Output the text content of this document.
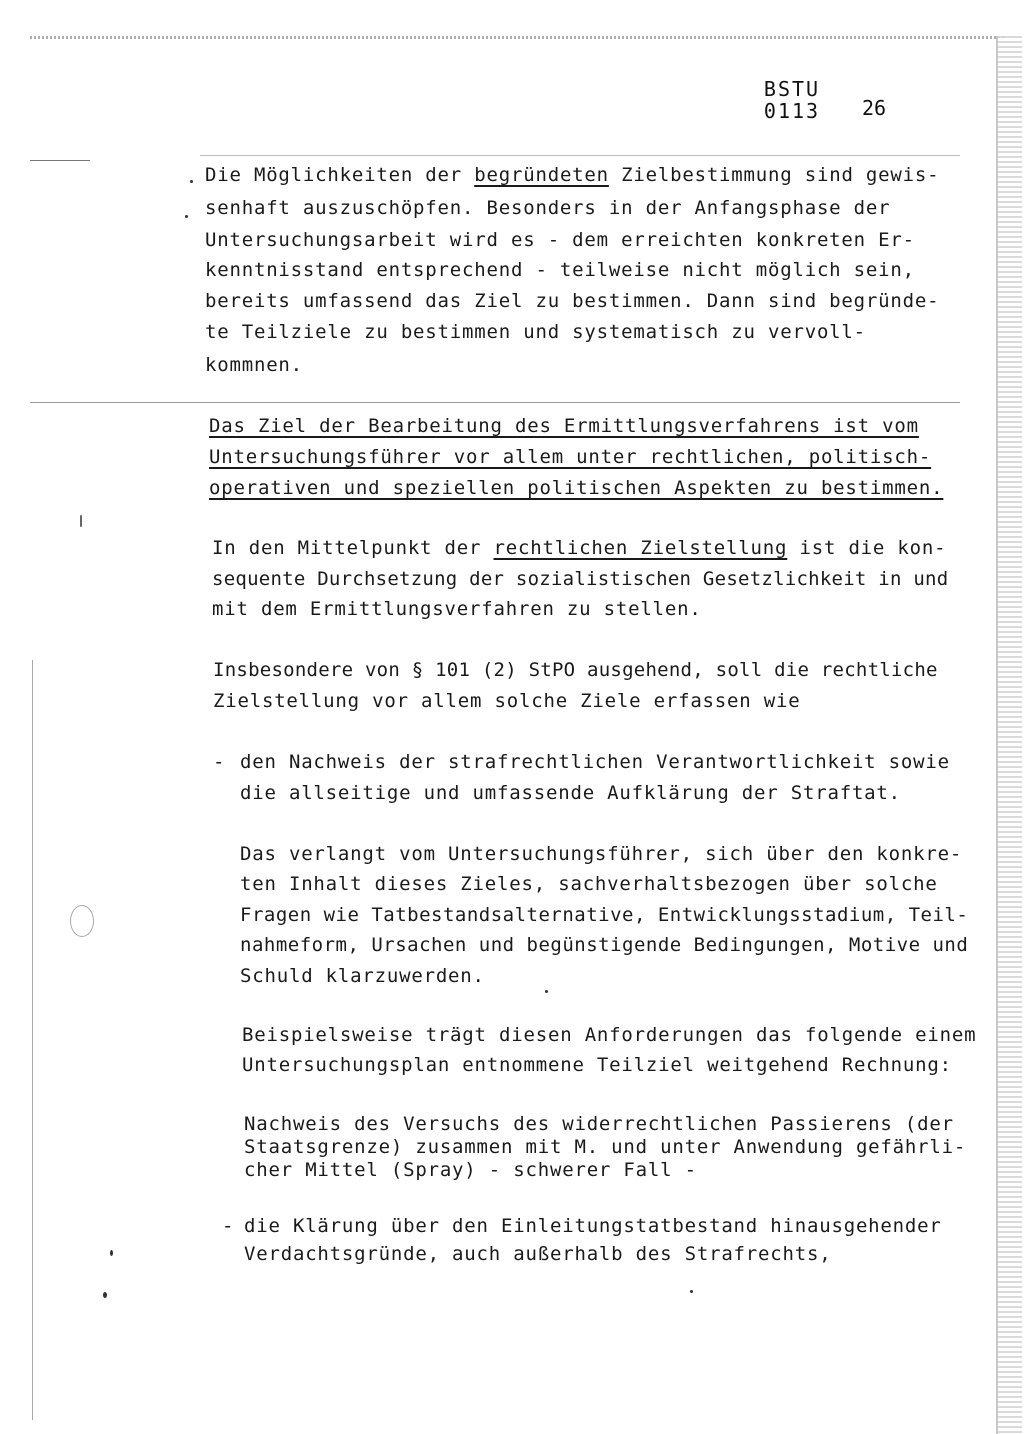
BSTU
0113	26
Die Möglichkeiten der begründeten Zielbestimmung sind gewis-
senhaft auszuschöpfen. Besonders in der Anfangsphase der
Untersuchungsarbeit wird es - dem erreichten konkreten Er-
kenntnisstand entsprechend - teilweise nicht möglich sein,
bereits umfassend das Ziel zu bestimmen. Dann sind begründe-
te Teilziele zu bestimmen und systematisch zu vervoll-
kommnen.
Das Ziel der Bearbeitung des Ermittlungsverfahrens ist vom
Untersuchungsführer vor allem unter rechtlichen, politisch-
operativen und speziellen politischen Aspekten zu bestimmen.
In den Mittelpunkt der rechtlichen Zielstellung ist die kon-
sequente Durchsetzung der sozialistischen Gesetzlichkeit in und
mit dem Ermittlungsverfahren zu stellen.
Insbesondere von § 101 (2) StPO ausgehend, soll die rechtliche
Zielstellung vor allem solche Ziele erfassen wie
- den Nachweis der strafrechtlichen Verantwortlichkeit sowie
die allseitige und umfassende Aufklärung der Straftat.
Das verlangt vom Untersuchungsführer, sich über den konkre-
ten Inhalt dieses Zieles, sachverhaltsbezogen über solche
Fragen wie Tatbestandsalternative, Entwicklungsstadium, Teil-
nahmeform, Ursachen und begünstigende Bedingungen, Motive und
Schuld klarzuwerden.
Beispielsweise trägt diesen Anforderungen das folgende einem
Untersuchungsplan entnommene Teilziel weitgehend Rechnung:
Nachweis des Versuchs des widerrechtlichen Passierens (der
Staatsgrenze) zusammen mit M. und unter Anwendung gefährli-
cher Mittel (Spray) - schwerer Fall -
- die Klärung über den Einleitungstatbestand hinausgehender
Verdachtsgründe, auch außerhalb des Strafrechts,
